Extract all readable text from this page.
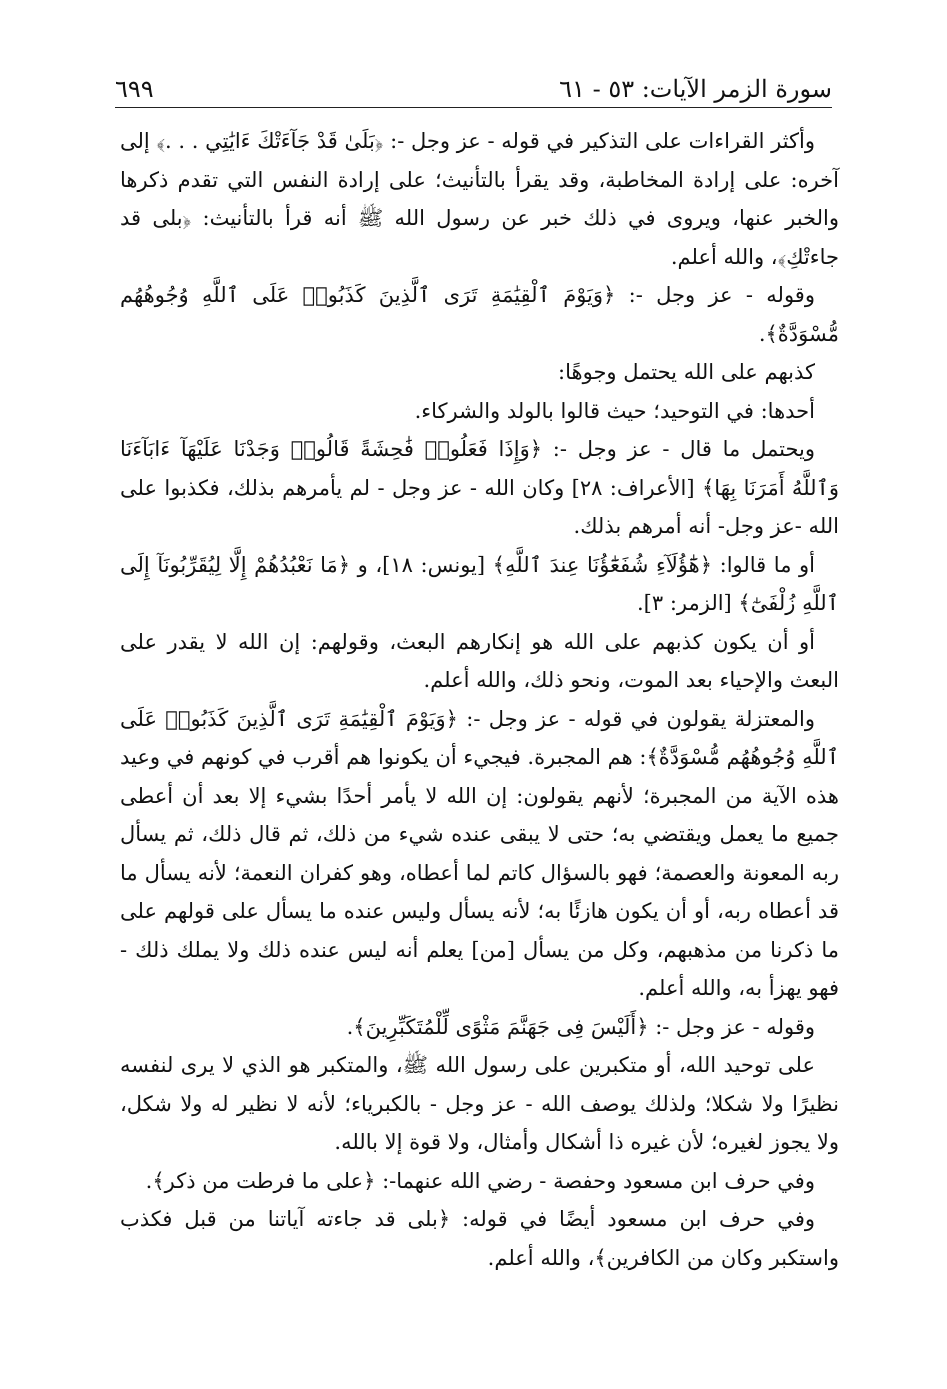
سورة الزمر الآيات: ٥٣ - ٦١
٦٩٩

وأكثر القراءات على التذكير في قوله - عز وجل -: ﴿بَلَىٰ قَدْ جَآءَتْكَ ءَايَٰتِي . . .﴾ إلى آخره: على إرادة المخاطبة، وقد يقرأ بالتأنيث؛ على إرادة النفس التي تقدم ذكرها والخبر عنها، ويروى في ذلك خبر عن رسول الله ﷺ أنه قرأ بالتأنيث: ﴿بلى قد جاءتْكِ﴾، والله أعلم.

وقوله - عز وجل -: ﴿وَيَوْمَ ٱلْقِيَٰمَةِ تَرَى ٱلَّذِينَ كَذَبُوا۟ عَلَى ٱللَّهِ وُجُوهُهُم مُّسْوَدَّةٌ﴾.

كذبهم على الله يحتمل وجوهًا:

أحدها: في التوحيد؛ حيث قالوا بالولد والشركاء.

ويحتمل ما قال - عز وجل -: ﴿وَإِذَا فَعَلُوا۟ فَٰحِشَةً قَالُوا۟ وَجَدْنَا عَلَيْهَآ ءَابَآءَنَا وَٱللَّهُ أَمَرَنَا بِهَا﴾ [الأعراف: ٢٨] وكان الله - عز وجل - لم يأمرهم بذلك، فكذبوا على الله -عز وجل- أنه أمرهم بذلك.

أو ما قالوا: ﴿هَٰٓؤُلَآءِ شُفَعَٰٓؤُنَا عِندَ ٱللَّهِ﴾ [يونس: ١٨]، و ﴿مَا نَعْبُدُهُمْ إِلَّا لِيُقَرِّبُونَآ إِلَى ٱللَّهِ زُلْفَىٰٓ﴾ [الزمر: ٣].

أو أن يكون كذبهم على الله هو إنكارهم البعث، وقولهم: إن الله لا يقدر على البعث والإحياء بعد الموت، ونحو ذلك، والله أعلم.

والمعتزلة يقولون في قوله - عز وجل -: ﴿وَيَوْمَ ٱلْقِيَٰمَةِ تَرَى ٱلَّذِينَ كَذَبُوا۟ عَلَى ٱللَّهِ وُجُوهُهُم مُّسْوَدَّةٌ﴾: هم المجبرة. فيجيء أن يكونوا هم أقرب في كونهم في وعيد هذه الآية من المجبرة؛ لأنهم يقولون: إن الله لا يأمر أحدًا بشيء إلا بعد أن أعطى جميع ما يعمل ويقتضي به؛ حتى لا يبقى عنده شيء من ذلك، ثم قال ذلك، ثم يسأل ربه المعونة والعصمة؛ فهو بالسؤال كاتم لما أعطاه، وهو كفران النعمة؛ لأنه يسأل ما قد أعطاه ربه، أو أن يكون هازئًا به؛ لأنه يسأل وليس عنده ما يسأل على قولهم على ما ذكرنا من مذهبهم، وكل من يسأل [من] يعلم أنه ليس عنده ذلك ولا يملك ذلك - فهو يهزأ به، والله أعلم.

وقوله - عز وجل -: ﴿أَلَيْسَ فِى جَهَنَّمَ مَثْوًى لِّلْمُتَكَبِّرِينَ﴾.

على توحيد الله، أو متكبرين على رسول الله ﷺ، والمتكبر هو الذي لا يرى لنفسه نظيرًا ولا شكلا؛ ولذلك يوصف الله - عز وجل - بالكبرياء؛ لأنه لا نظير له ولا شكل، ولا يجوز لغيره؛ لأن غيره ذا أشكال وأمثال، ولا قوة إلا بالله.

وفي حرف ابن مسعود وحفصة - رضي الله عنهما-: ﴿على ما فرطت من ذكر﴾.

وفي حرف ابن مسعود أيضًا في قوله: ﴿بلى قد جاءته آياتنا من قبل فكذب واستكبر وكان من الكافرين﴾، والله أعلم.
